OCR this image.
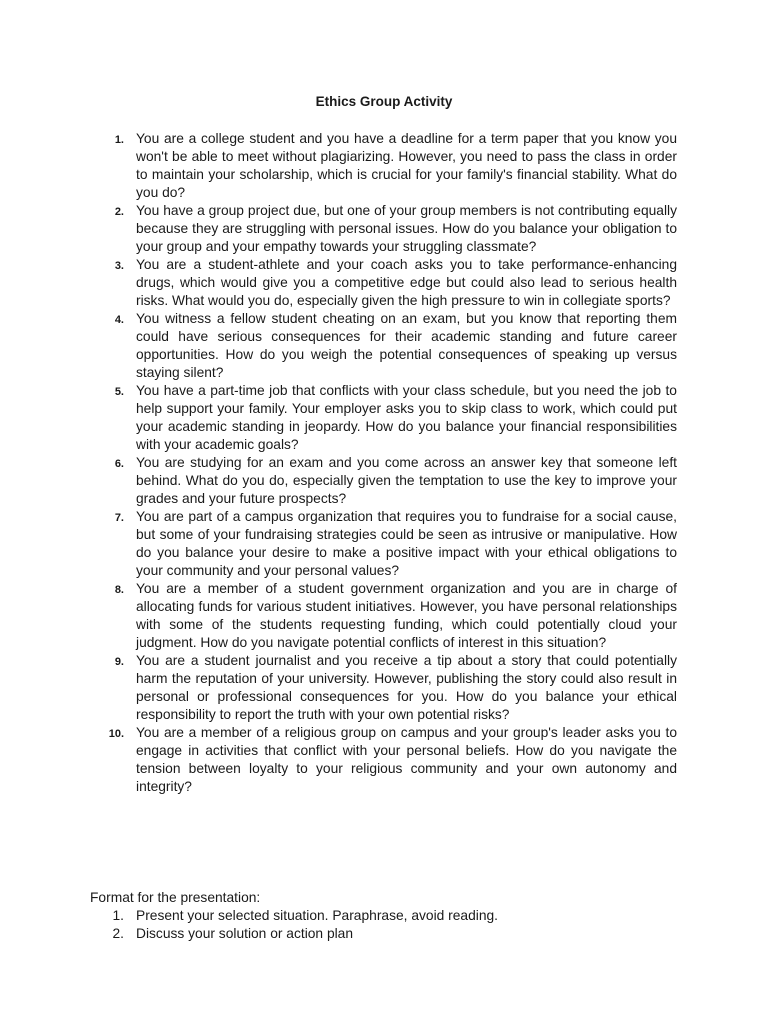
Ethics Group Activity
1. You are a college student and you have a deadline for a term paper that you know you won't be able to meet without plagiarizing. However, you need to pass the class in order to maintain your scholarship, which is crucial for your family's financial stability. What do you do?
2. You have a group project due, but one of your group members is not contributing equally because they are struggling with personal issues. How do you balance your obligation to your group and your empathy towards your struggling classmate?
3. You are a student-athlete and your coach asks you to take performance-enhancing drugs, which would give you a competitive edge but could also lead to serious health risks. What would you do, especially given the high pressure to win in collegiate sports?
4. You witness a fellow student cheating on an exam, but you know that reporting them could have serious consequences for their academic standing and future career opportunities. How do you weigh the potential consequences of speaking up versus staying silent?
5. You have a part-time job that conflicts with your class schedule, but you need the job to help support your family. Your employer asks you to skip class to work, which could put your academic standing in jeopardy. How do you balance your financial responsibilities with your academic goals?
6. You are studying for an exam and you come across an answer key that someone left behind. What do you do, especially given the temptation to use the key to improve your grades and your future prospects?
7. You are part of a campus organization that requires you to fundraise for a social cause, but some of your fundraising strategies could be seen as intrusive or manipulative. How do you balance your desire to make a positive impact with your ethical obligations to your community and your personal values?
8. You are a member of a student government organization and you are in charge of allocating funds for various student initiatives. However, you have personal relationships with some of the students requesting funding, which could potentially cloud your judgment. How do you navigate potential conflicts of interest in this situation?
9. You are a student journalist and you receive a tip about a story that could potentially harm the reputation of your university. However, publishing the story could also result in personal or professional consequences for you. How do you balance your ethical responsibility to report the truth with your own potential risks?
10. You are a member of a religious group on campus and your group's leader asks you to engage in activities that conflict with your personal beliefs. How do you navigate the tension between loyalty to your religious community and your own autonomy and integrity?
Format for the presentation:
1. Present your selected situation. Paraphrase, avoid reading.
2. Discuss your solution or action plan
